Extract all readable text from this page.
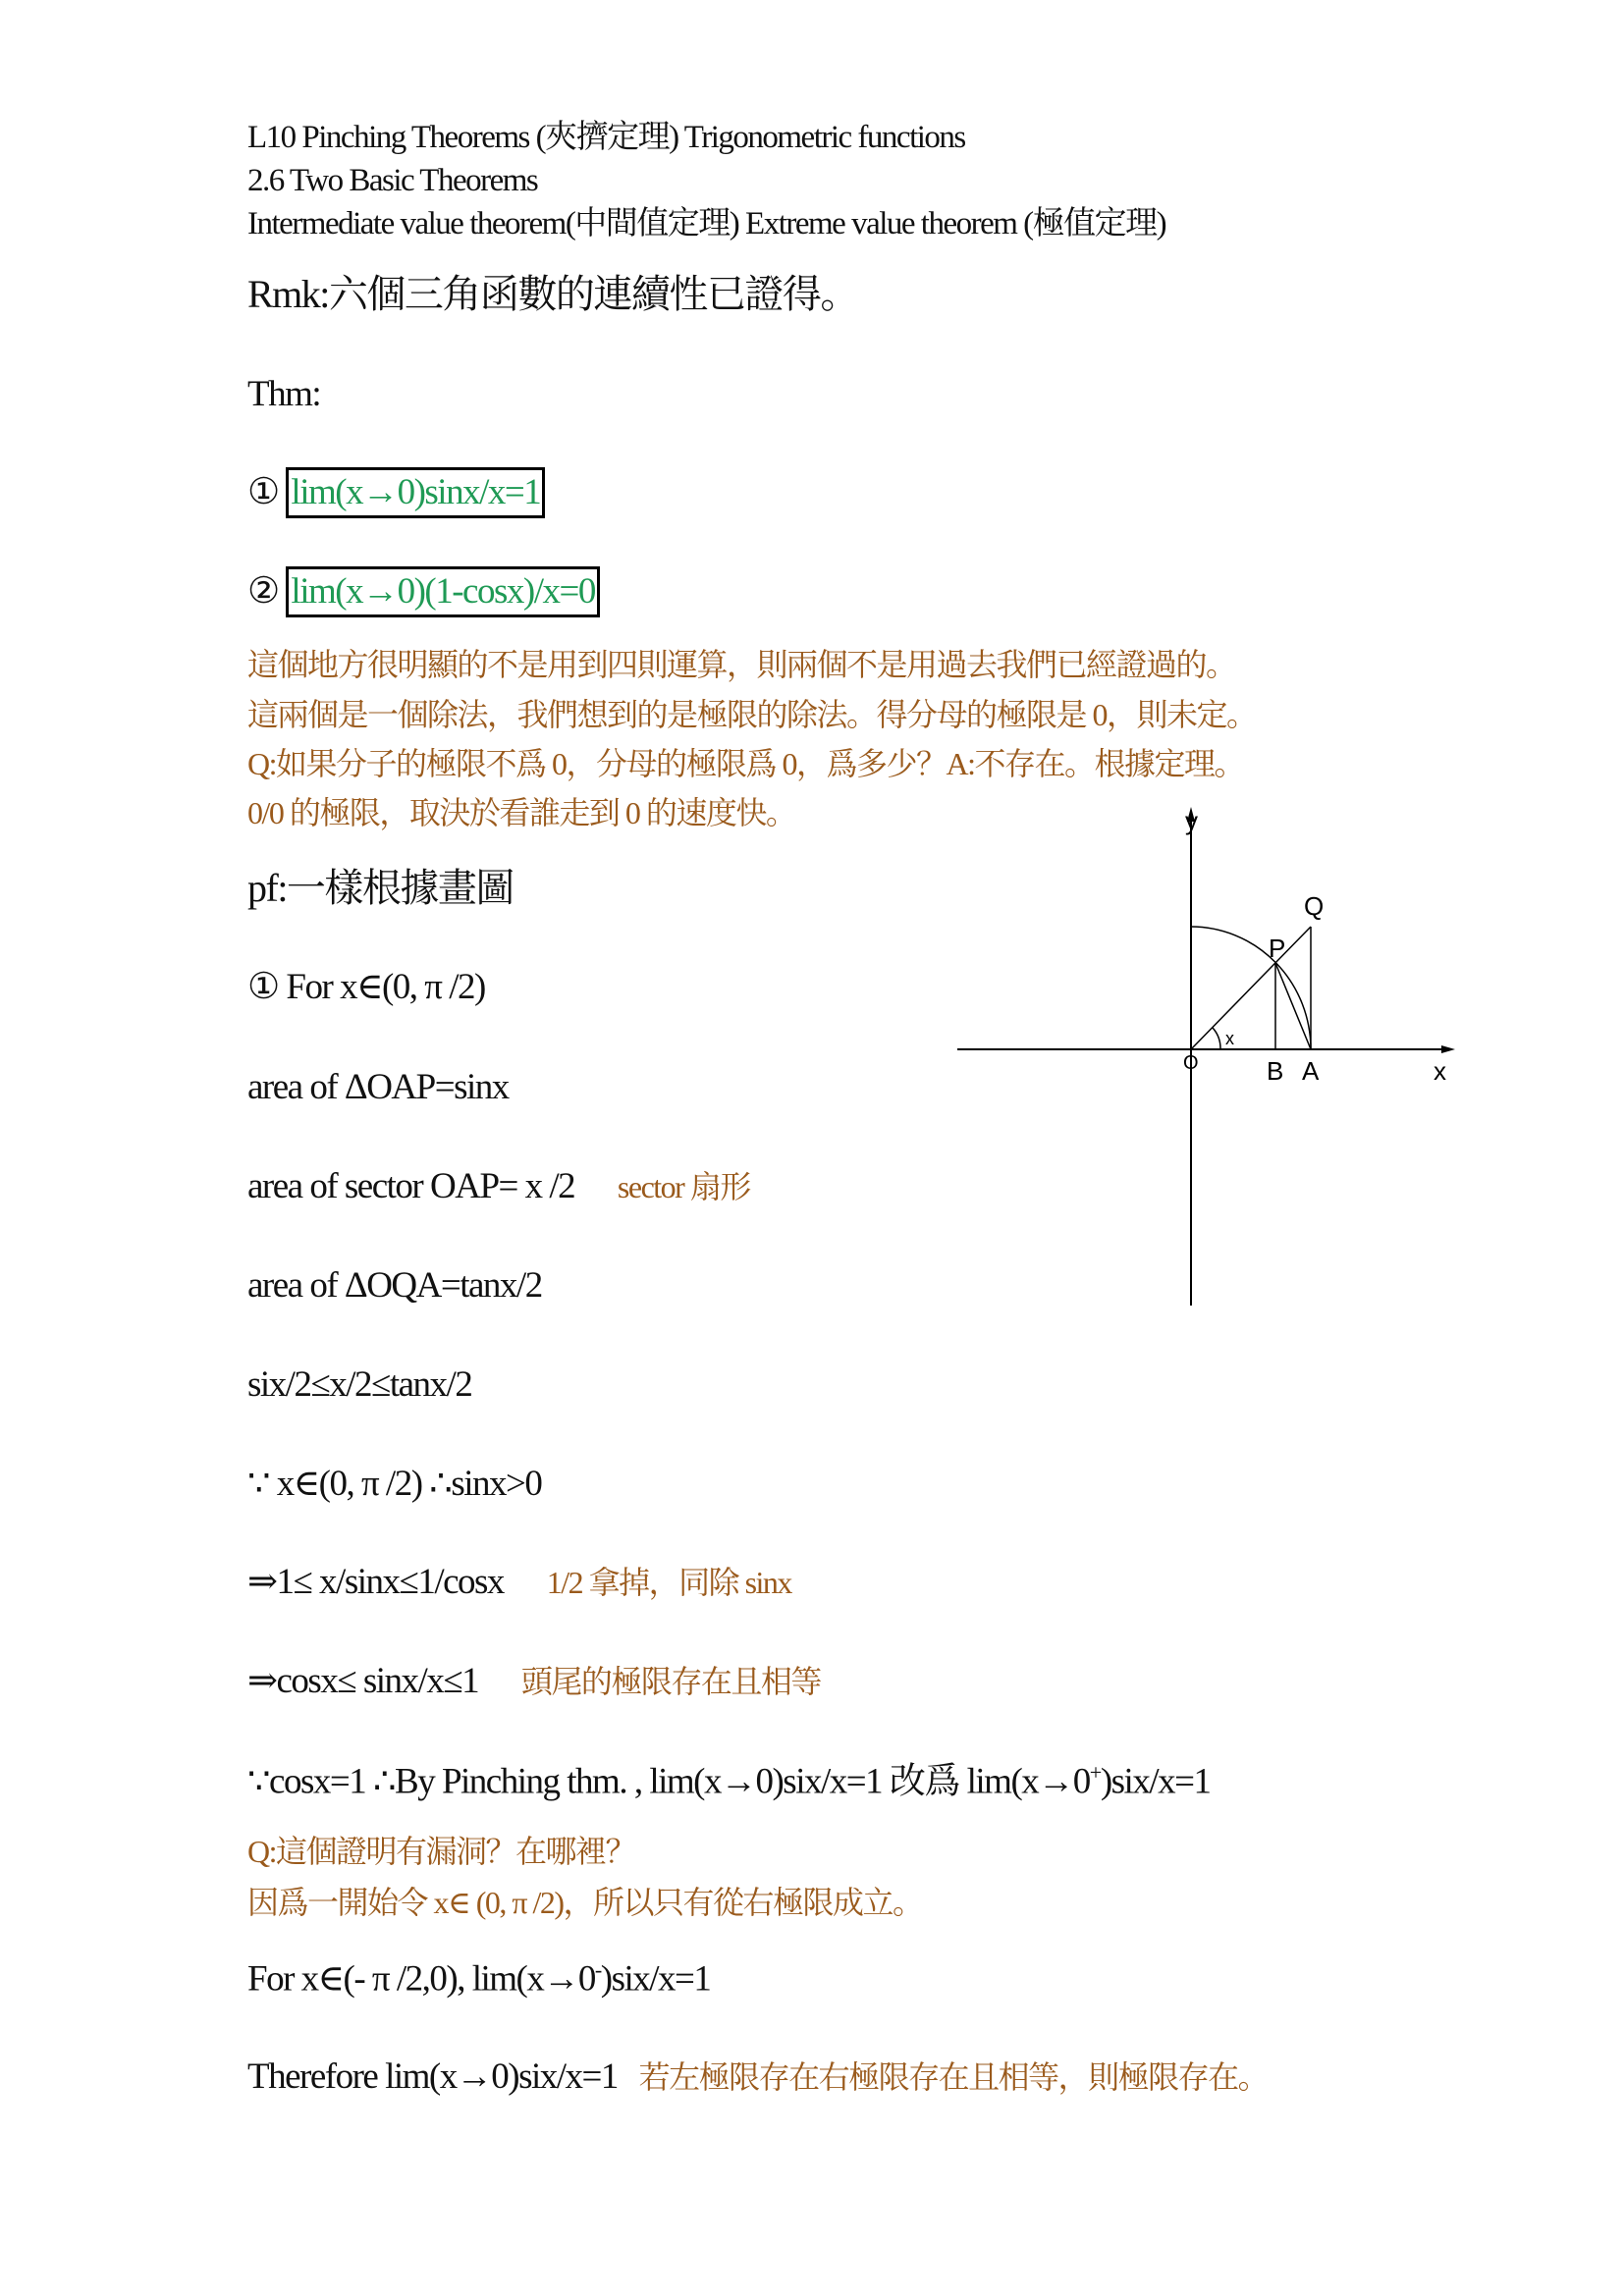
L10 Pinching Theorems (夾擠定理) Trigonometric functions
2.6 Two Basic Theorems
Intermediate value theorem(中間值定理) Extreme value theorem (極值定理)
Rmk:六個三角函數的連續性已證得。
Thm:
① lim(x→0)sinx/x=1
② lim(x→0)(1-cosx)/x=0
這個地方很明顯的不是用到四則運算，則兩個不是用過去我們已經證過的。
這兩個是一個除法，我們想到的是極限的除法。得分母的極限是 0，則未定。
Q:如果分子的極限不爲 0，分母的極限爲 0，爲多少？A:不存在。根據定理。
0/0 的極限，取決於看誰走到 0 的速度快。
pf:一樣根據畫圖
① For x∈(0, π /2)
area of ΔOAP=sinx
area of sector OAP= x /2 sector 扇形
area of ΔOQA=tanx/2
six/2≤x/2≤tanx/2
∵ x∈(0, π /2) ∴sinx>0
⇒1≤ x/sinx≤1/cosx 1/2 拿掉，同除 sinx
⇒cosx≤ sinx/x≤1 頭尾的極限存在且相等
∵cosx=1 ∴By Pinching thm. , lim(x→0)six/x=1 改爲 lim(x→0+)six/x=1
Q:這個證明有漏洞？在哪裡？
因爲一開始令 x∈ (0, π /2)，所以只有從右極限成立。
For x∈(- π /2,0), lim(x→0-)six/x=1
Therefore lim(x→0)six/x=1 若左極限存在右極限存在且相等，則極限存在。
y
x
O
P
Q
B A
x
